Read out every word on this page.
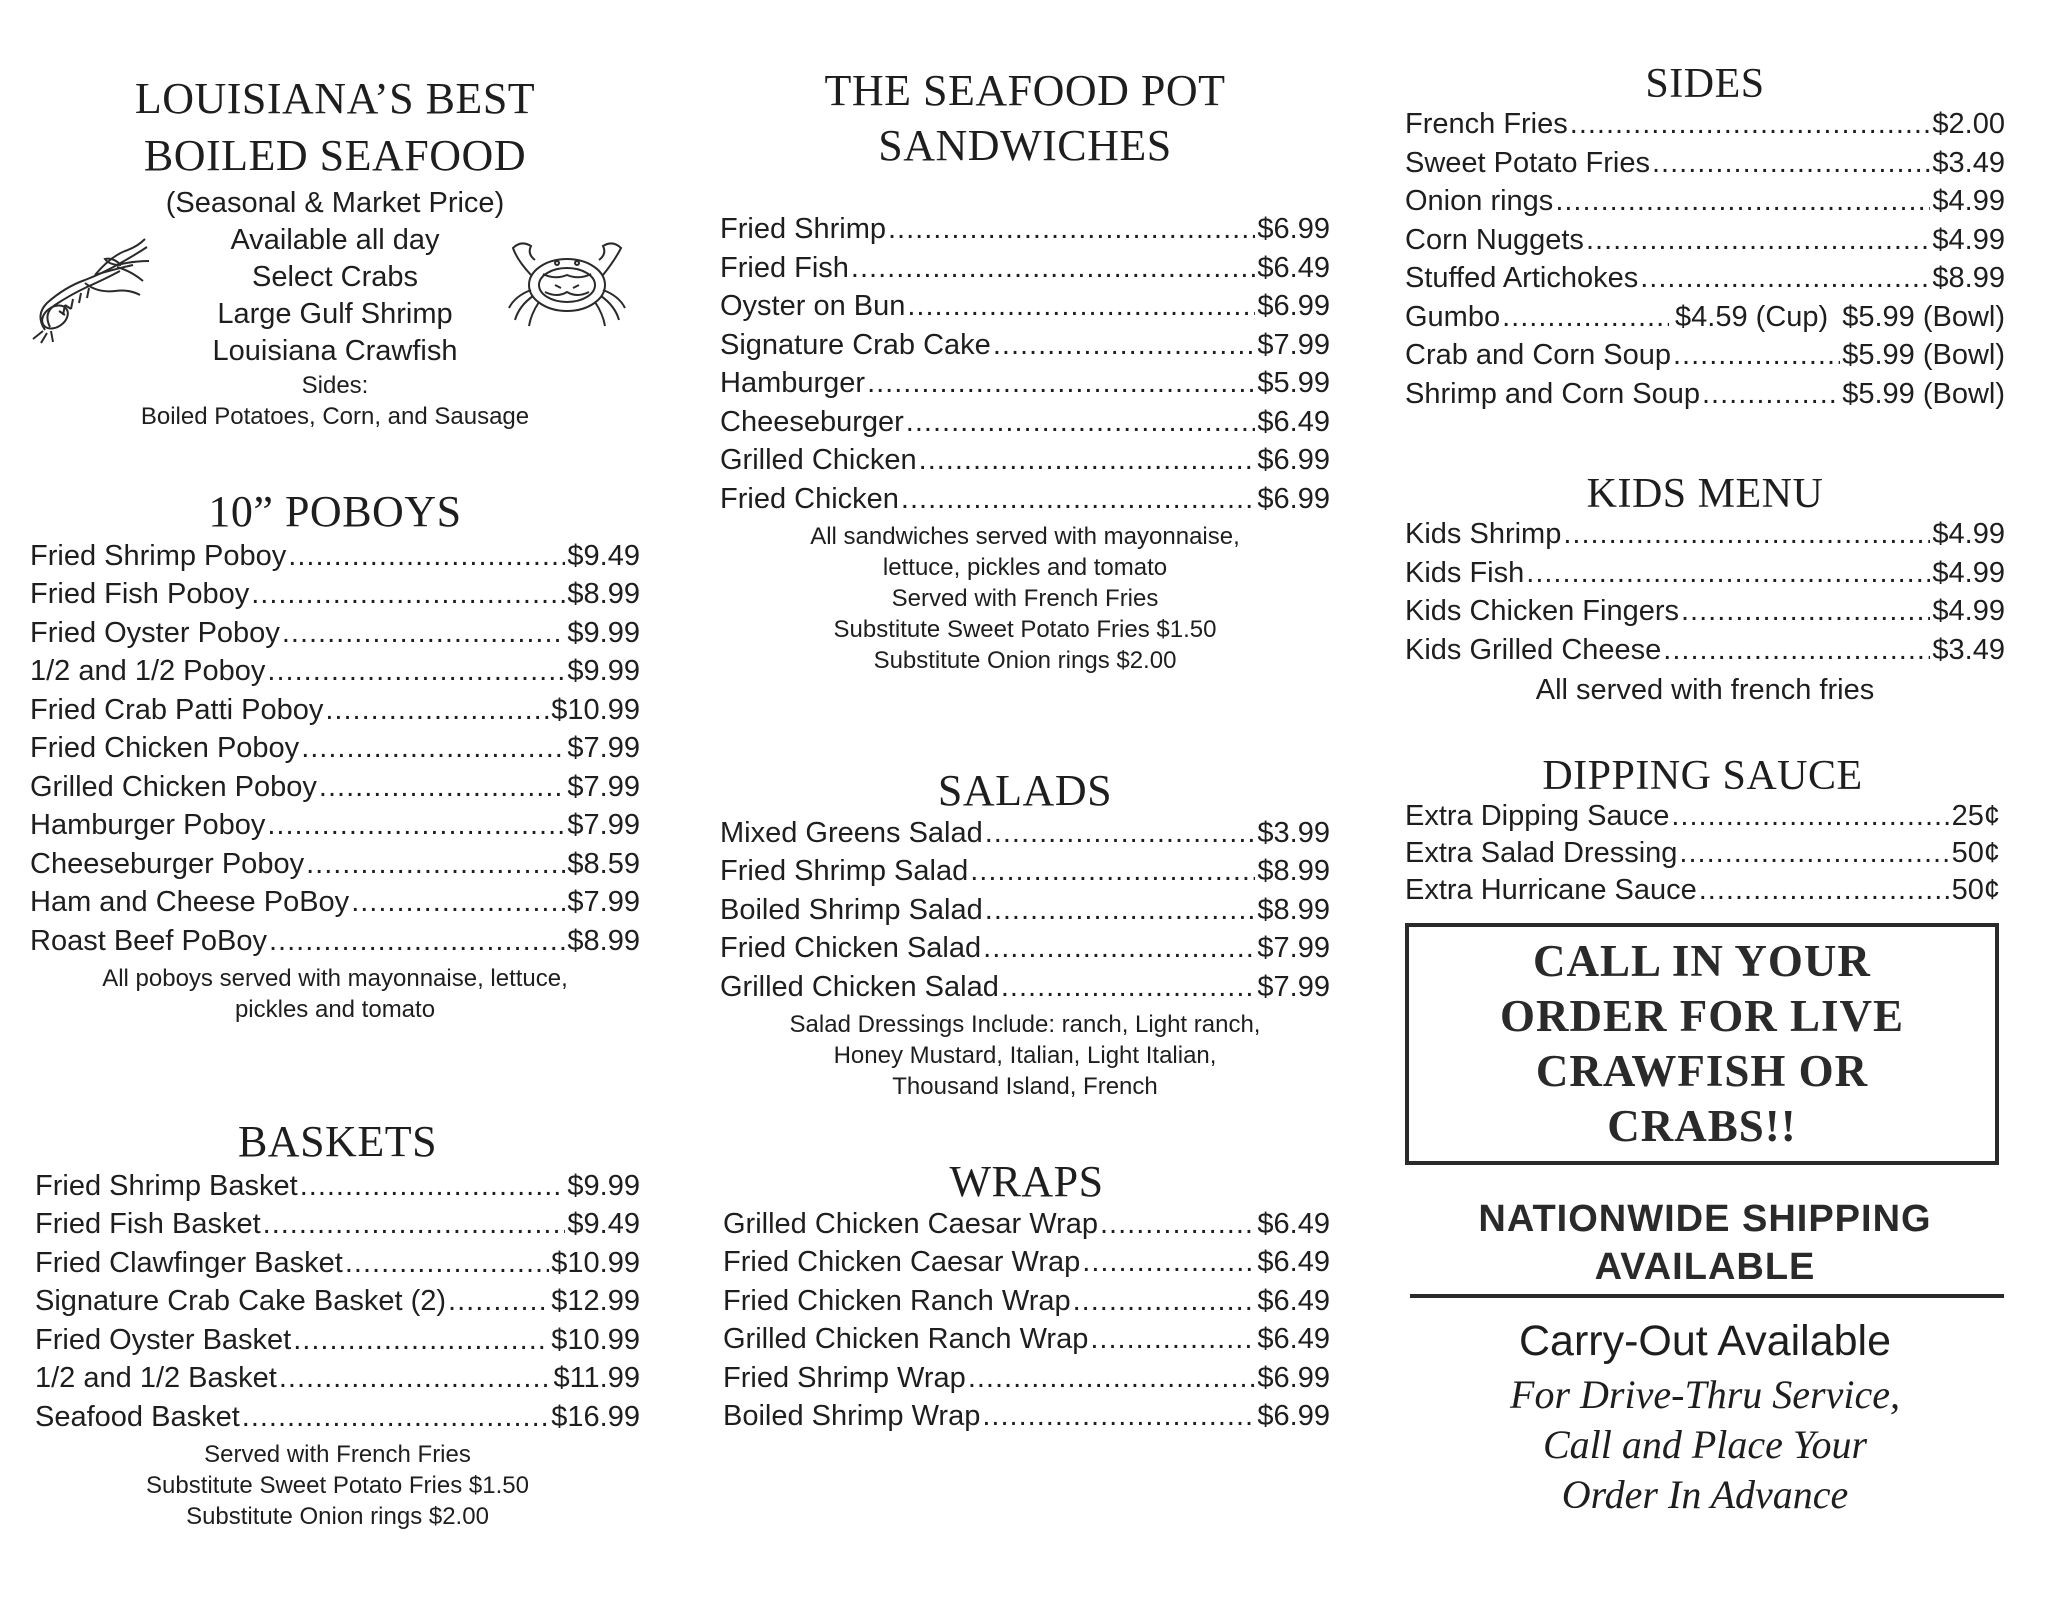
LOUISIANA’S BEST
BOILED SEAFOOD

(Seasonal & Market Price)

Available all day

Select Crabs

Large Gulf Shrimp

Louisiana Crawfish

Sides:

Boiled Potatoes, Corn, and Sausage

10” POBOYS
Fried Shrimp Poboy .....	$9.49
Fried Fish Poboy .....	$8.99
Fried Oyster Poboy .....	$9.99
1/2 and 1/2 Poboy .....	$9.99
Fried Crab Patti Poboy .....	$10.99
Fried Chicken Poboy .....	$7.99
Grilled Chicken Poboy .....	$7.99
Hamburger Poboy .....	$7.99
Cheeseburger Poboy .....	$8.59
Ham and Cheese PoBoy .....	$7.99
Roast Beef PoBoy .....	$8.99

All poboys served with mayonnaise, lettuce,

pickles and tomato

BASKETS
Fried Shrimp Basket .....	$9.99
Fried Fish Basket .....	$9.49
Fried Clawfinger Basket .....	$10.99
Signature Crab Cake Basket (2) .....	$12.99
Fried Oyster Basket .....	$10.99
1/2 and 1/2 Basket .....	$11.99
Seafood Basket .....	$16.99

Served with French Fries

Substitute Sweet Potato Fries $1.50

Substitute Onion rings $2.00

THE SEAFOOD POT
SANDWICHES
Fried Shrimp .....	$6.99
Fried Fish .....	$6.49
Oyster on Bun .....	$6.99
Signature Crab Cake .....	$7.99
Hamburger .....	$5.99
Cheeseburger .....	$6.49
Grilled Chicken .....	$6.99
Fried Chicken .....	$6.99

All sandwiches served with mayonnaise,

lettuce, pickles and tomato

Served with French Fries

Substitute Sweet Potato Fries $1.50

Substitute Onion rings $2.00

SALADS
Mixed Greens Salad .....	$3.99
Fried Shrimp Salad .....	$8.99
Boiled Shrimp Salad .....	$8.99
Fried Chicken Salad .....	$7.99
Grilled Chicken Salad .....	$7.99

Salad Dressings Include: ranch, Light ranch,

Honey Mustard, Italian, Light Italian,

Thousand Island, French

WRAPS
Grilled Chicken Caesar Wrap .....	$6.49
Fried Chicken Caesar Wrap .....	$6.49
Fried Chicken Ranch Wrap .....	$6.49
Grilled Chicken Ranch Wrap .....	$6.49
Fried Shrimp Wrap .....	$6.99
Boiled Shrimp Wrap .....	$6.99
SIDES
French Fries .....	$2.00
Sweet Potato Fries .....	$3.49
Onion rings .....	$4.99
Corn Nuggets .....	$4.99
Stuffed Artichokes .....	$8.99
Gumbo .....	$4.59 (Cup) $5.99 (Bowl)
Crab and Corn Soup .....	$5.99 (Bowl)
Shrimp and Corn Soup .....	$5.99 (Bowl)
KIDS MENU
Kids Shrimp .....	$4.99
Kids Fish .....	$4.99
Kids Chicken Fingers .....	$4.99
Kids Grilled Cheese .....	$3.49

All served with french fries

DIPPING SAUCE
Extra Dipping Sauce .....	25¢
Extra Salad Dressing .....	50¢
Extra Hurricane Sauce .....	50¢
CALL IN YOUR
ORDER FOR LIVE
CRAWFISH OR
CRABS!!
NATIONWIDE SHIPPING
AVAILABLE
Carry-Out Available
For Drive-Thru Service,
Call and Place Your
Order In Advance
